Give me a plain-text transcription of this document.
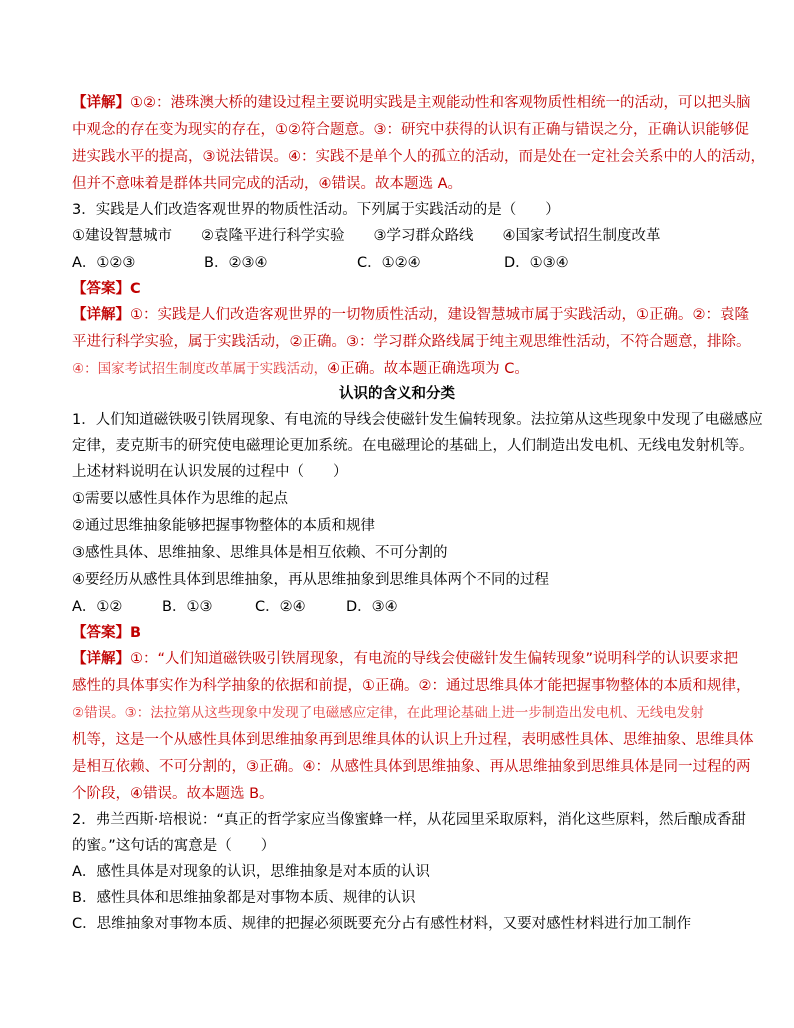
【详解】①②：港珠澳大桥的建设过程主要说明实践是主观能动性和客观物质性相统一的活动，可以把头脑
中观念的存在变为现实的存在，①②符合题意。③：研究中获得的认识有正确与错误之分，正确认识能够促
进实践水平的提高，③说法错误。④：实践不是单个人的孤立的活动，而是处在一定社会关系中的人的活动，
但并不意味着是群体共同完成的活动，④错误。故本题选 A。
3．实践是人们改造客观世界的物质性活动。下列属于实践活动的是（　　）
①建设智慧城市　　②袁隆平进行科学实验　　③学习群众路线　　④国家考试招生制度改革
A．①②③	B．②③④	C．①②④	D．①③④
【答案】C
【详解】①：实践是人们改造客观世界的一切物质性活动，建设智慧城市属于实践活动，①正确。②：袁隆
平进行科学实验，属于实践活动，②正确。③：学习群众路线属于纯主观思维性活动，不符合题意，排除。
④：国家考试招生制度改革属于实践活动，④正确。故本题正确选项为 C。
认识的含义和分类
1．人们知道磁铁吸引铁屑现象、有电流的导线会使磁针发生偏转现象。法拉第从这些现象中发现了电磁感应
定律，麦克斯韦的研究使电磁理论更加系统。在电磁理论的基础上，人们制造出发电机、无线电发射机等。
上述材料说明在认识发展的过程中（　　）
①需要以感性具体作为思维的起点
②通过思维抽象能够把握事物整体的本质和规律
③感性具体、思维抽象、思维具体是相互依赖、不可分割的
④要经历从感性具体到思维抽象，再从思维抽象到思维具体两个不同的过程
A．①②	B．①③	C．②④	D．③④
【答案】B
【详解】①：“人们知道磁铁吸引铁屑现象，有电流的导线会使磁针发生偏转现象”说明科学的认识要求把
感性的具体事实作为科学抽象的依据和前提，①正确。②：通过思维具体才能把握事物整体的本质和规律，
②错误。③：法拉第从这些现象中发现了电磁感应定律，在此理论基础上进一步制造出发电机、无线电发射
机等，这是一个从感性具体到思维抽象再到思维具体的认识上升过程，表明感性具体、思维抽象、思维具体
是相互依赖、不可分割的，③正确。④：从感性具体到思维抽象、再从思维抽象到思维具体是同一过程的两
个阶段，④错误。故本题选 B。
2．弗兰西斯·培根说：“真正的哲学家应当像蜜蜂一样，从花园里采取原料，消化这些原料，然后酿成香甜
的蜜。”这句话的寓意是（　　）
A．感性具体是对现象的认识，思维抽象是对本质的认识
B．感性具体和思维抽象都是对事物本质、规律的认识
C．思维抽象对事物本质、规律的把握必须既要充分占有感性材料，又要对感性材料进行加工制作
